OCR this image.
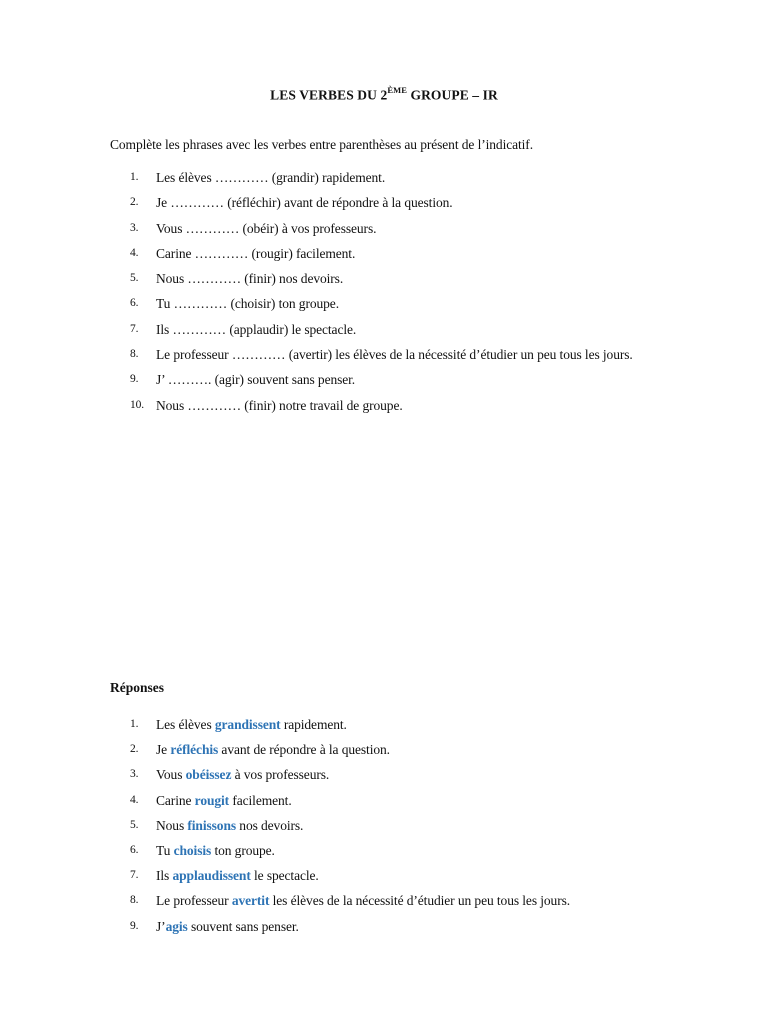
LES VERBES DU 2ÈME GROUPE – IR
Complète les phrases avec les verbes entre parenthèses au présent de l’indicatif.
1.	Les élèves ………… (grandir) rapidement.
2.	Je ………… (réfléchir) avant de répondre à la question.
3.	Vous ………… (obéir) à vos professeurs.
4.	Carine ………… (rougir) facilement.
5.	Nous ………… (finir) nos devoirs.
6.	Tu ………… (choisir) ton groupe.
7.	Ils ………… (applaudir) le spectacle.
8.	Le professeur ………… (avertir) les élèves de la nécessité d’étudier un peu tous les jours.
9.	J’ ………. (agir) souvent sans penser.
10. Nous ………… (finir) notre travail de groupe.
Réponses
1.	Les élèves grandissent rapidement.
2.	Je réfléchis avant de répondre à la question.
3.	Vous obéissez à vos professeurs.
4.	Carine rougit facilement.
5.	Nous finissons nos devoirs.
6.	Tu choisis ton groupe.
7.	Ils applaudissent le spectacle.
8.	Le professeur avertit les élèves de la nécessité d’étudier un peu tous les jours.
9.	J’agis souvent sans penser.
